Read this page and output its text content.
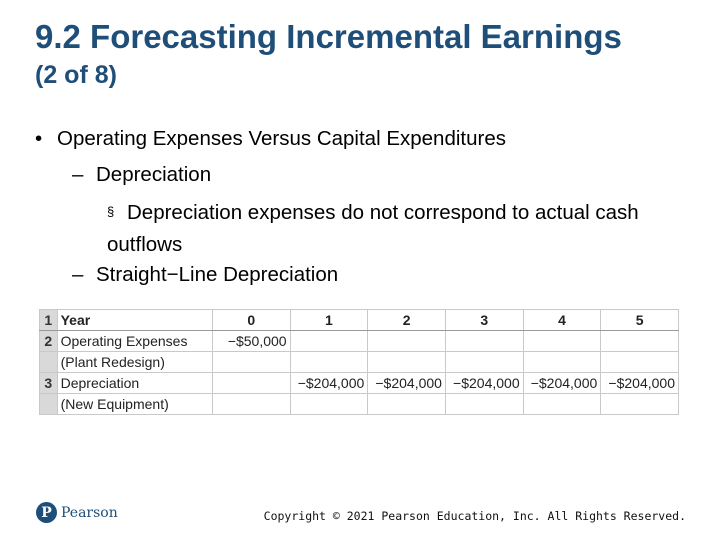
9.2 Forecasting Incremental Earnings
(2 of 8)
• Operating Expenses Versus Capital Expenditures
– Depreciation
§ Depreciation expenses do not correspond to actual cash outflows
– Straight−Line Depreciation
1	Year	0	1	2	3	4	5
2	Operating Expenses	−$50,000					
	(Plant Redesign)						
3	Depreciation		−$204,000	−$204,000	−$204,000	−$204,000	−$204,000
	(New Equipment)						
P Pearson	Copyright © 2021 Pearson Education, Inc. All Rights Reserved.
